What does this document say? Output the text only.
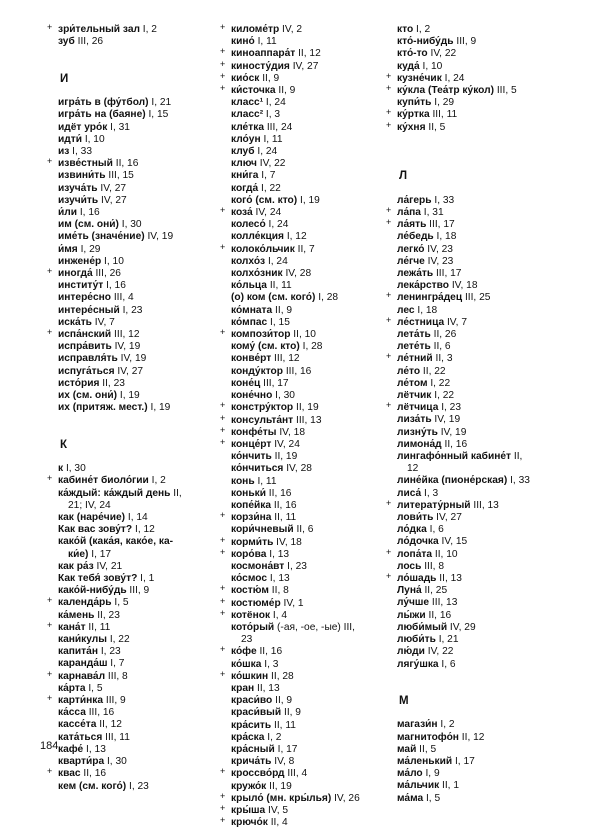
+ зри́тельный зал I, 2
зуб III, 26
И
игра́ть в (фу́тбол) I, 21
игра́ть на (баяне) I, 15
идёт уро́к I, 31
идти́ I, 10
из I, 33
+ изве́стный II, 16
извини́ть III, 15
изуча́ть IV, 27
изучи́ть IV, 27
и́ли I, 16
им (см. они́) I, 30
име́ть (значе́ние) IV, 19
и́мя I, 29
инжене́р I, 10
+ иногда́ III, 26
институ́т I, 16
интере́сно III, 4
интере́сный I, 23
иска́ть IV, 7
+ испа́нский III, 12
испра́вить IV, 19
исправля́ть IV, 19
испуга́ться IV, 27
исто́рия II, 23
их (см. они́) I, 19
их (притяж. мест.) I, 19
К
к I, 30
+ кабине́т биоло́гии I, 2
ка́ждый: ка́ждый день II,
21; IV, 24
как (наре́чие) I, 14
Как вас зову́т? I, 12
како́й (кака́я, како́е, ка-
ки́е) I, 17
как ра́з IV, 21
Как тебя́ зову́т? I, 1
како́й-нибу́дь III, 9
+ календа́рь I, 5
ка́мень II, 23
+ кана́т II, 11
кани́кулы I, 22
капита́н I, 23
каранда́ш I, 7
+ карнава́л III, 8
ка́рта I, 5
+ карти́нка III, 9
ка́сса III, 16
кассе́та II, 12
ката́ться III, 11
кафе́ I, 13
кварти́ра I, 30
+ квас II, 16
кем (см. кого́) I, 23
+ киломе́тр IV, 2
кино́ I, 11
+ киноаппара́т II, 12
+ киносту́дия IV, 27
+ кио́ск II, 9
+ ки́сточка II, 9
класс¹ I, 24
класс² I, 3
кле́тка III, 24
кло́ун I, 11
клуб I, 24
ключ IV, 22
кни́га I, 7
когда́ I, 22
кого́ (см. кто) I, 19
+ коза́ IV, 24
колесо́ I, 24
колле́кция I, 12
+ колоко́льчик II, 7
колхо́з I, 24
колхо́зник IV, 28
ко́льца II, 11
(о) ком (см. кого́) I, 28
ко́мната II, 9
ко́мпас I, 15
+ компози́тор II, 10
кому́ (см. кто) I, 28
конве́рт III, 12
конду́ктор III, 16
коне́ц III, 17
коне́чно I, 30
+ констру́ктор II, 19
+ консульта́нт III, 13
+ конфе́ты IV, 18
+ конце́рт IV, 24
ко́нчить II, 19
ко́нчиться IV, 28
конь I, 11
коньки́ II, 16
копе́йка II, 16
+ корзи́на II, 11
кори́чневый II, 6
+ корми́ть IV, 18
+ коро́ва I, 13
космона́вт I, 23
ко́смос I, 13
+ костю́м II, 8
+ костюме́р IV, 1
+ котёнок I, 4
кото́рый (-ая, -ое, -ые) III,
23
+ ко́фе II, 16
ко́шка I, 3
+ ко́шкин II, 28
кран II, 13
краси́во II, 9
краси́вый II, 9
кра́сить II, 11
кра́ска I, 2
кра́сный I, 17
крича́ть IV, 8
+ кроссво́рд III, 4
кружо́к II, 19
+ крыло́ (мн. кры́лья) IV, 26
+ кры́ша IV, 5
+ крючо́к II, 4
кто I, 2
кто́-нибу́дь III, 9
кто́-то IV, 22
куда́ I, 10
+ кузне́чик I, 24
+ ку́кла (Теа́тр ку́кол) III, 5
купи́ть I, 29
+ ку́ртка III, 11
+ ку́хня II, 5
Л
ла́герь I, 33
+ ла́па I, 31
+ ла́ять III, 17
ле́бедь I, 18
легко́ IV, 23
ле́гче IV, 23
лежа́ть III, 17
лека́рство IV, 18
+ ленингра́дец III, 25
лес I, 18
+ ле́стница IV, 7
лета́ть II, 26
лете́ть II, 6
+ ле́тний II, 3
ле́то II, 22
ле́том I, 22
лётчик I, 22
+ лётчица I, 23
лиза́ть IV, 19
лизну́ть IV, 19
лимона́д II, 16
лингафо́нный кабине́т II,
12
лине́йка (пионе́рская) I, 33
лиса́ I, 3
+ литерату́рный III, 13
лови́ть IV, 27
ло́дка I, 6
ло́дочка IV, 15
+ лопа́та II, 10
лось III, 8
+ ло́шадь II, 13
Луна́ II, 25
лу́чше III, 13
лы́жи II, 16
люби́мый IV, 29
люби́ть I, 21
лю́ди IV, 22
лягу́шка I, 6
М
магази́н I, 2
магнитофо́н II, 12
май II, 5
ма́ленький I, 17
ма́ло I, 9
ма́льчик II, 1
ма́ма I, 5
184
